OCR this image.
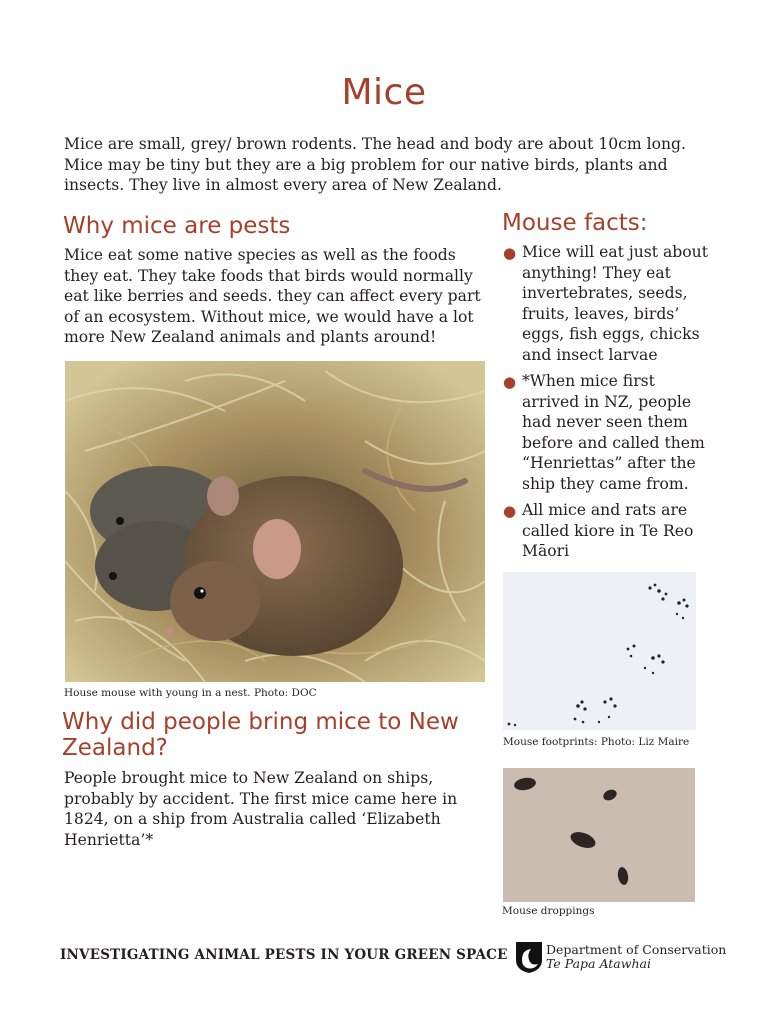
Mice
Mice are small, grey/ brown rodents. The head and body are about 10cm long. Mice may be tiny but they are a big problem for our native birds, plants and insects. They live in almost every area of New Zealand.
Why mice are pests
Mice eat some native species as well as the foods they eat. They take foods that birds would normally eat like berries and seeds. they can affect every part of an ecosystem. Without mice, we would have a lot more New Zealand animals and plants around!
House mouse with young in a nest. Photo: DOC
Why did people bring mice to New Zealand?
People brought mice to New Zealand on ships, probably by accident. The first mice came here in 1824, on a ship from Australia called ‘Elizabeth Henrietta’*
Mouse facts:
● Mice will eat just about anything! They eat invertebrates, seeds, fruits, leaves, birds’ eggs, fish eggs, chicks and insect larvae
● *When mice first arrived in NZ, people had never seen them before and called them “Henriettas” after the ship they came from.
● All mice and rats are called kiore in Te Reo Māori
Mouse footprints: Photo: Liz Maire
Mouse droppings
INVESTIGATING ANIMAL PESTS IN YOUR GREEN SPACE	Department of Conservation
Te Papa Atawhai
